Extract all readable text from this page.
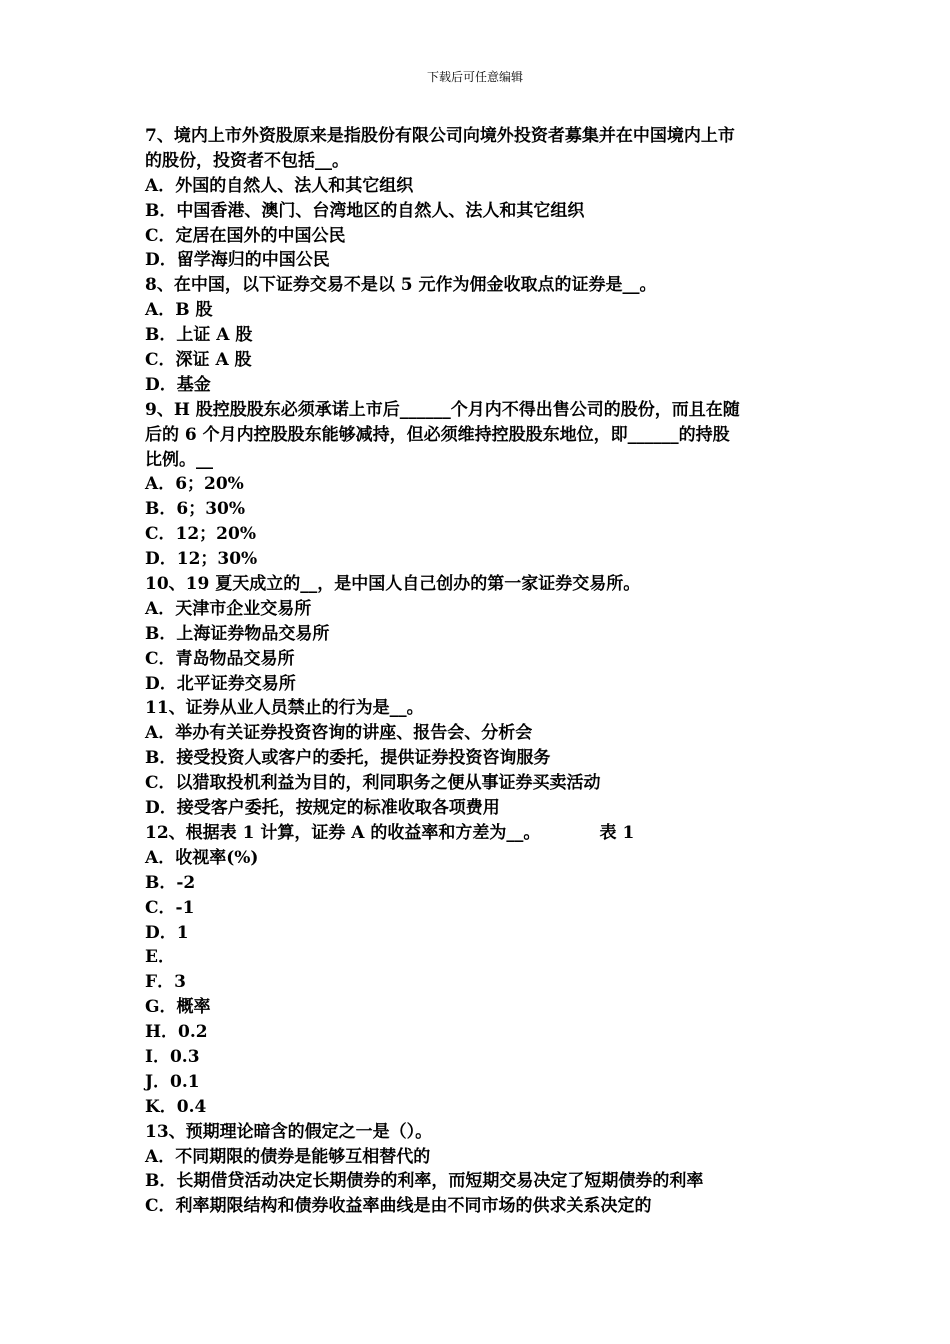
下载后可任意编辑
7、境内上市外资股原来是指股份有限公司向境外投资者募集并在中国境内上市
的股份，投资者不包括__。
A．外国的自然人、法人和其它组织
B．中国香港、澳门、台湾地区的自然人、法人和其它组织
C．定居在国外的中国公民
D．留学海归的中国公民
8、在中国，以下证券交易不是以 5 元作为佣金收取点的证券是__。
A．B 股
B．上证 A 股
C．深证 A 股
D．基金
9、H 股控股股东必须承诺上市后______个月内不得出售公司的股份，而且在随
后的 6 个月内控股股东能够减持，但必须维持控股股东地位，即______的持股
比例。__
A．6；20%
B．6；30%
C．12；20%
D．12；30%
10、19 夏天成立的__，是中国人自己创办的第一家证券交易所。
A．天津市企业交易所
B．上海证券物品交易所
C．青岛物品交易所
D．北平证券交易所
11、证券从业人员禁止的行为是__。
A．举办有关证券投资咨询的讲座、报告会、分析会
B．接受投资人或客户的委托，提供证券投资咨询服务
C．以猎取投机利益为目的，利同职务之便从事证券买卖活动
D．接受客户委托，按规定的标准收取各项费用
12、根据表 1 计算，证券 A 的收益率和方差为__。          表 1
A．收视率(%)
B．-2
C．-1
D．1
E．
F．3
G．概率
H．0.2
I．0.3
J．0.1
K．0.4
13、预期理论暗含的假定之一是（）。
A．不同期限的债券是能够互相替代的
B．长期借贷活动决定长期债券的利率，而短期交易决定了短期债券的利率
C．利率期限结构和债券收益率曲线是由不同市场的供求关系决定的
